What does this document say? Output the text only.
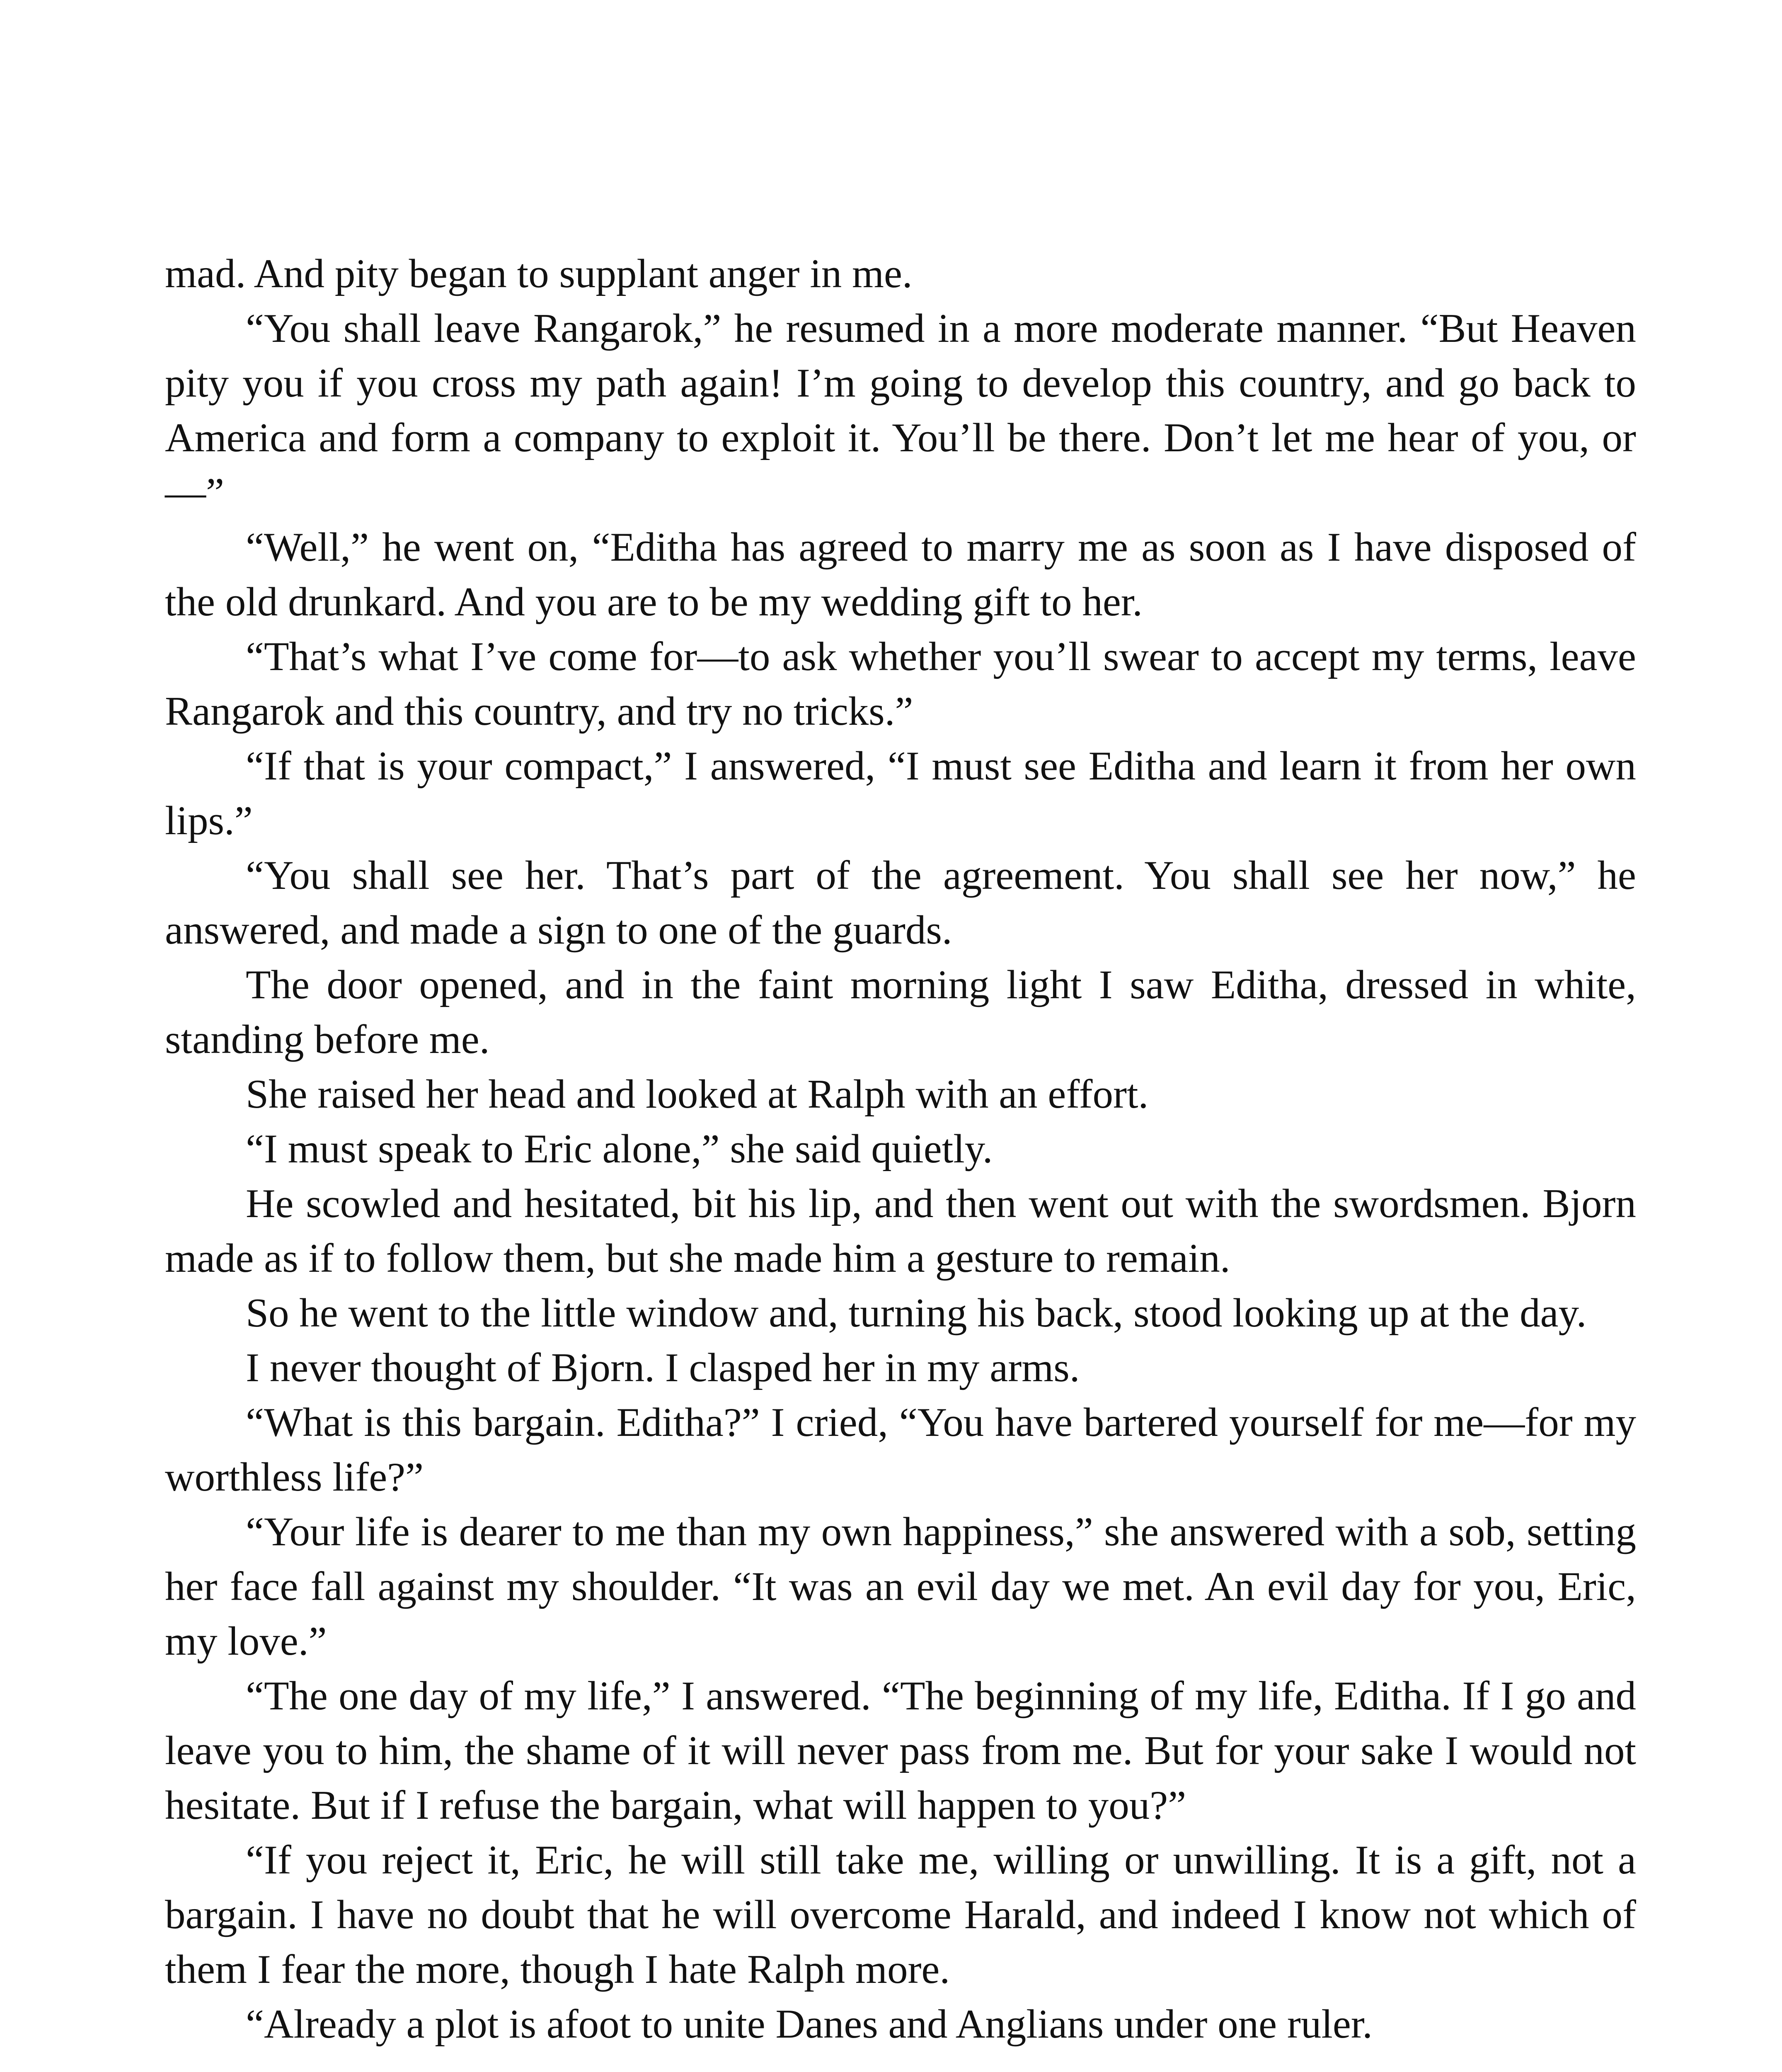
mad. And pity began to supplant anger in me.

“You shall leave Rangarok,” he resumed in a more moderate manner. “But Heaven pity you if you cross my path again! I’m going to develop this country, and go back to America and form a company to exploit it. You’ll be there. Don’t let me hear of you, or—”

“Well,” he went on, “Editha has agreed to marry me as soon as I have disposed of the old drunkard. And you are to be my wedding gift to her.

“That’s what I’ve come for—to ask whether you’ll swear to accept my terms, leave Rangarok and this country, and try no tricks.”

“If that is your compact,” I answered, “I must see Editha and learn it from her own lips.”

“You shall see her. That’s part of the agreement. You shall see her now,” he answered, and made a sign to one of the guards.

The door opened, and in the faint morning light I saw Editha, dressed in white, standing before me.

She raised her head and looked at Ralph with an effort.

“I must speak to Eric alone,” she said quietly.

He scowled and hesitated, bit his lip, and then went out with the swordsmen. Bjorn made as if to follow them, but she made him a gesture to remain.

So he went to the little window and, turning his back, stood looking up at the day.

I never thought of Bjorn. I clasped her in my arms.

“What is this bargain. Editha?” I cried, “You have bartered yourself for me—for my worthless life?”

“Your life is dearer to me than my own happiness,” she answered with a sob, setting her face fall against my shoulder. “It was an evil day we met. An evil day for you, Eric, my love.”

“The one day of my life,” I answered. “The beginning of my life, Editha. If I go and leave you to him, the shame of it will never pass from me. But for your sake I would not hesitate. But if I refuse the bargain, what will happen to you?”

“If you reject it, Eric, he will still take me, willing or unwilling. It is a gift, not a bargain. I have no doubt that he will overcome Harald, and indeed I know not which of them I fear the more, though I hate Ralph more.

“Already a plot is afoot to unite Danes and Anglians under one ruler.
